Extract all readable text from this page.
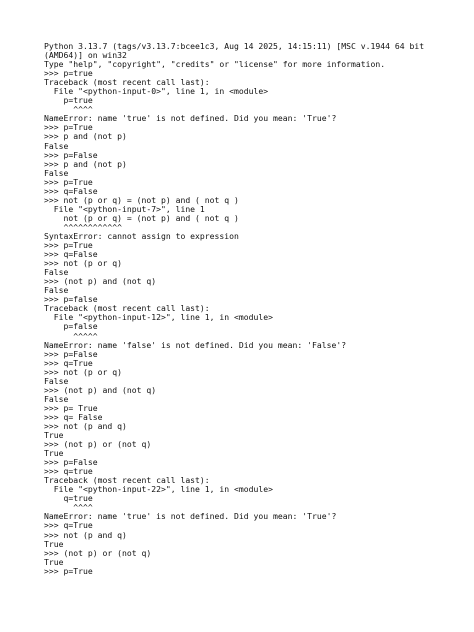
Python 3.13.7 (tags/v3.13.7:bcee1c3, Aug 14 2025, 14:15:11) [MSC v.1944 64 bit
(AMD64)] on win32
Type "help", "copyright", "credits" or "license" for more information.
>>> p=true
Traceback (most recent call last):
File "<python-input-0>", line 1, in <module>
p=true
^^^^
NameError: name 'true' is not defined. Did you mean: 'True'?
>>> p=True
>>> p and (not p)
False
>>> p=False
>>> p and (not p)
False
>>> p=True
>>> q=False
>>> not (p or q) = (not p) and ( not q )
File "<python-input-7>", line 1
not (p or q) = (not p) and ( not q )
^^^^^^^^^^^^
SyntaxError: cannot assign to expression
>>> p=True
>>> q=False
>>> not (p or q)
False
>>> (not p) and (not q)
False
>>> p=false
Traceback (most recent call last):
File "<python-input-12>", line 1, in <module>
p=false
^^^^^
NameError: name 'false' is not defined. Did you mean: 'False'?
>>> p=False
>>> q=True
>>> not (p or q)
False
>>> (not p) and (not q)
False
>>> p= True
>>> q= False
>>> not (p and q)
True
>>> (not p) or (not q)
True
>>> p=False
>>> q=true
Traceback (most recent call last):
File "<python-input-22>", line 1, in <module>
q=true
^^^^
NameError: name 'true' is not defined. Did you mean: 'True'?
>>> q=True
>>> not (p and q)
True
>>> (not p) or (not q)
True
>>> p=True
